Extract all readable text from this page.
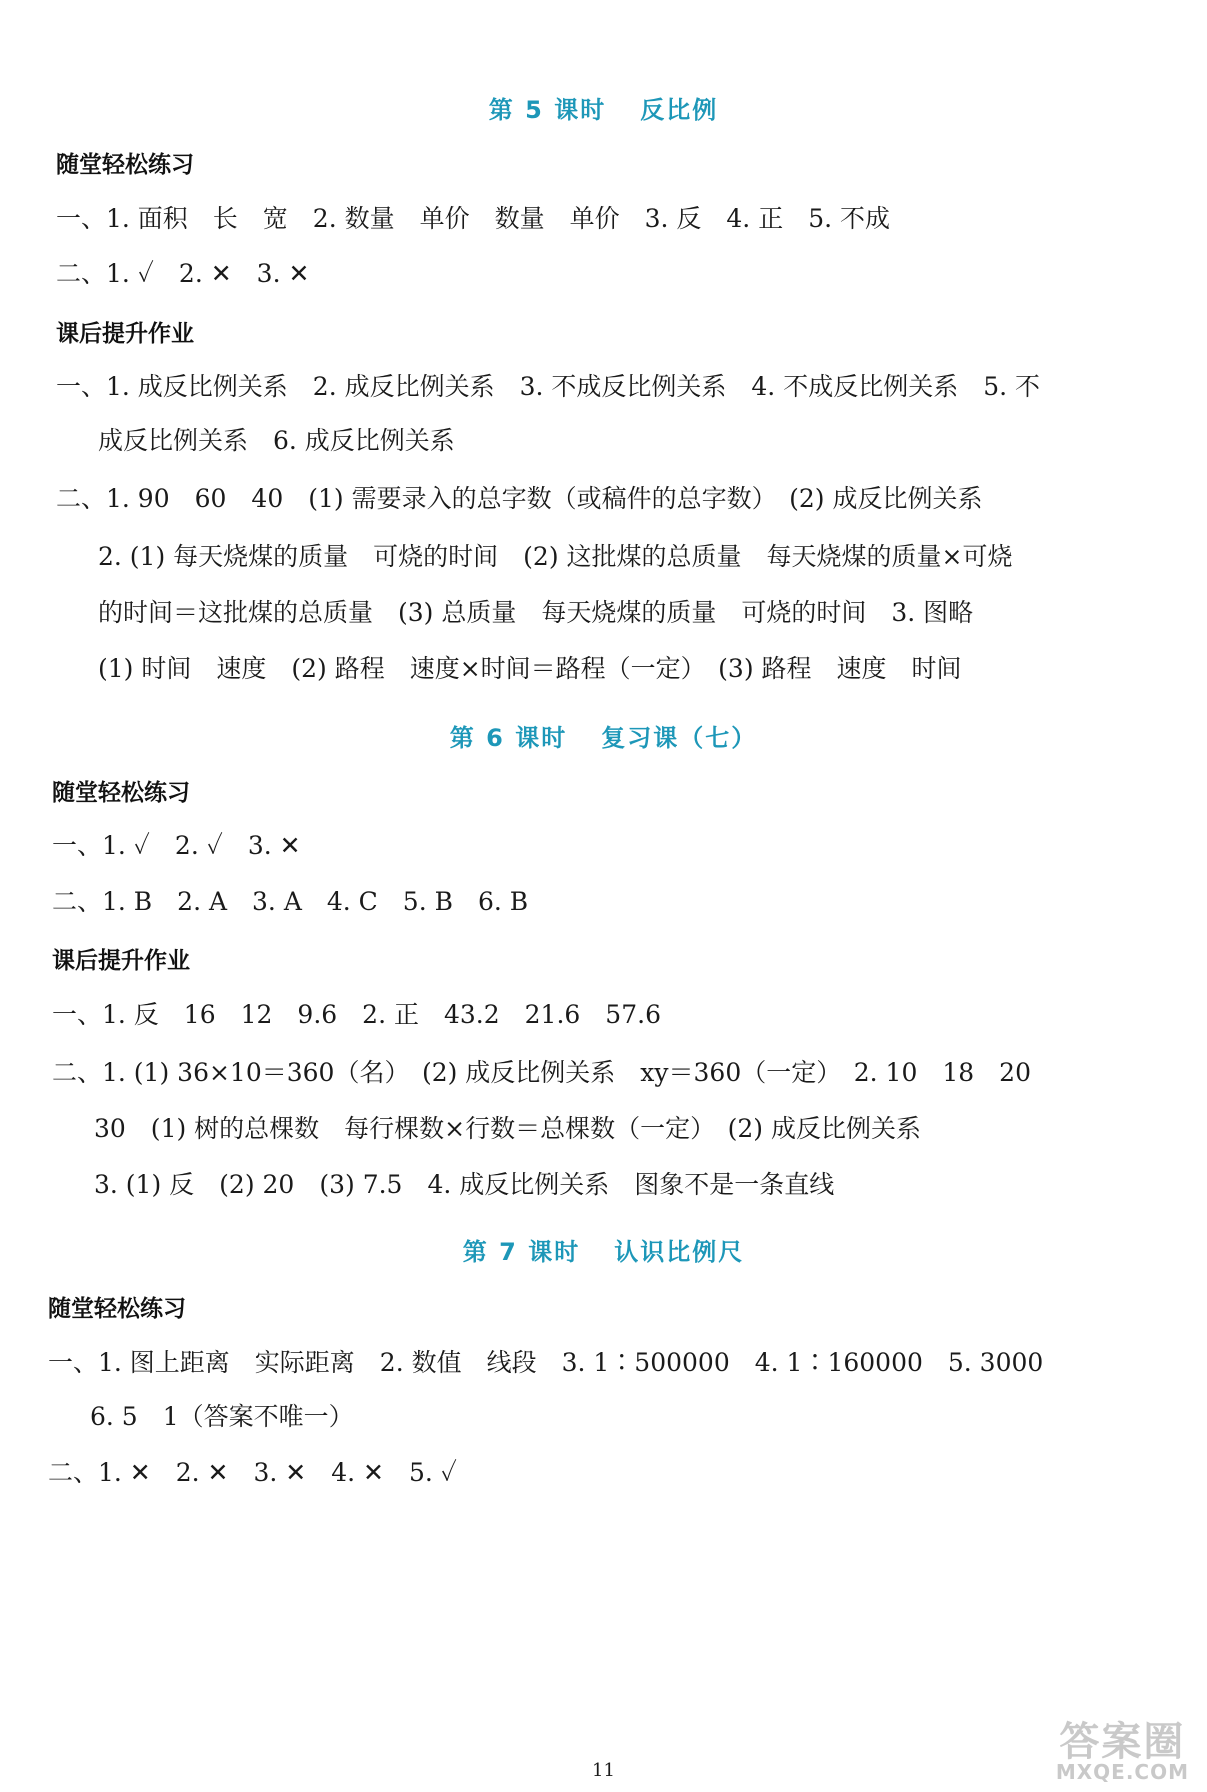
第 5 课时 反比例
随堂轻松练习
一、1. 面积　长　宽　2. 数量　单价　数量　单价　3. 反　4. 正　5. 不成
二、1. ✓　2. ✕　3. ✕
课后提升作业
一、1. 成反比例关系　2. 成反比例关系　3. 不成反比例关系　4. 不成反比例关系　5. 不
成反比例关系　6. 成反比例关系
二、1. 90　60　40　(1) 需要录入的总字数（或稿件的总字数）　(2) 成反比例关系
2. (1) 每天烧煤的质量　可烧的时间　(2) 这批煤的总质量　每天烧煤的质量×可烧
的时间＝这批煤的总质量　(3) 总质量　每天烧煤的质量　可烧的时间　3. 图略
(1) 时间　速度　(2) 路程　速度×时间＝路程（一定）　(3) 路程　速度　时间
第 6 课时 复习课（七）
随堂轻松练习
一、1. ✓　2. ✓　3. ✕
二、1. B　2. A　3. A　4. C　5. B　6. B
课后提升作业
一、1. 反　16　12　9.6　2. 正　43.2　21.6　57.6
二、1. (1) 36×10＝360（名）　(2) 成反比例关系　xy＝360（一定）　2. 10　18　20
30　(1) 树的总棵数　每行棵数×行数＝总棵数（一定）　(2) 成反比例关系
3. (1) 反　(2) 20　(3) 7.5　4. 成反比例关系　图象不是一条直线
第 7 课时 认识比例尺
随堂轻松练习
一、1. 图上距离　实际距离　2. 数值　线段　3. 1∶500000　4. 1∶160000　5. 3000
6. 5　1（答案不唯一）
二、1. ✕　2. ✕　3. ✕　4. ✕　5. ✓
11
答案圈
MXQE.COM
